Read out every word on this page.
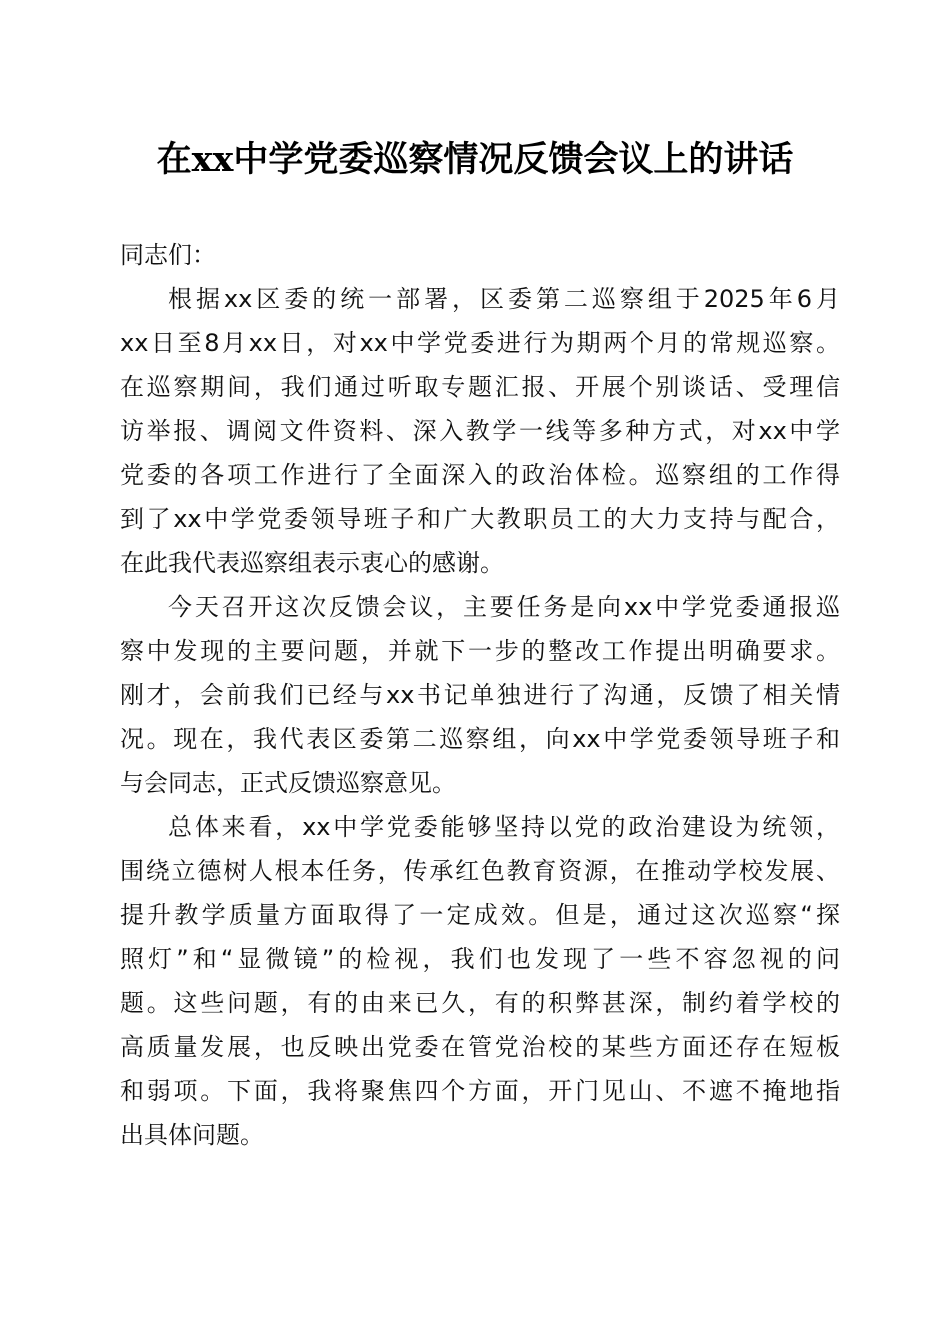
在xx中学党委巡察情况反馈会议上的讲话
同志们：
根据xx区委的统一部署，区委第二巡察组于2025年6月
xx日至8月xx日，对xx中学党委进行为期两个月的常规巡察。
在巡察期间，我们通过听取专题汇报、开展个别谈话、受理信
访举报、调阅文件资料、深入教学一线等多种方式，对xx中学
党委的各项工作进行了全面深入的政治体检。巡察组的工作得
到了xx中学党委领导班子和广大教职员工的大力支持与配合，
在此我代表巡察组表示衷心的感谢。
今天召开这次反馈会议，主要任务是向xx中学党委通报巡
察中发现的主要问题，并就下一步的整改工作提出明确要求。
刚才，会前我们已经与xx书记单独进行了沟通，反馈了相关情
况。现在，我代表区委第二巡察组，向xx中学党委领导班子和
与会同志，正式反馈巡察意见。
总体来看，xx中学党委能够坚持以党的政治建设为统领，
围绕立德树人根本任务，传承红色教育资源，在推动学校发展、
提升教学质量方面取得了一定成效。但是，通过这次巡察“探
照灯”和“显微镜”的检视，我们也发现了一些不容忽视的问
题。这些问题，有的由来已久，有的积弊甚深，制约着学校的
高质量发展，也反映出党委在管党治校的某些方面还存在短板
和弱项。下面，我将聚焦四个方面，开门见山、不遮不掩地指
出具体问题。
